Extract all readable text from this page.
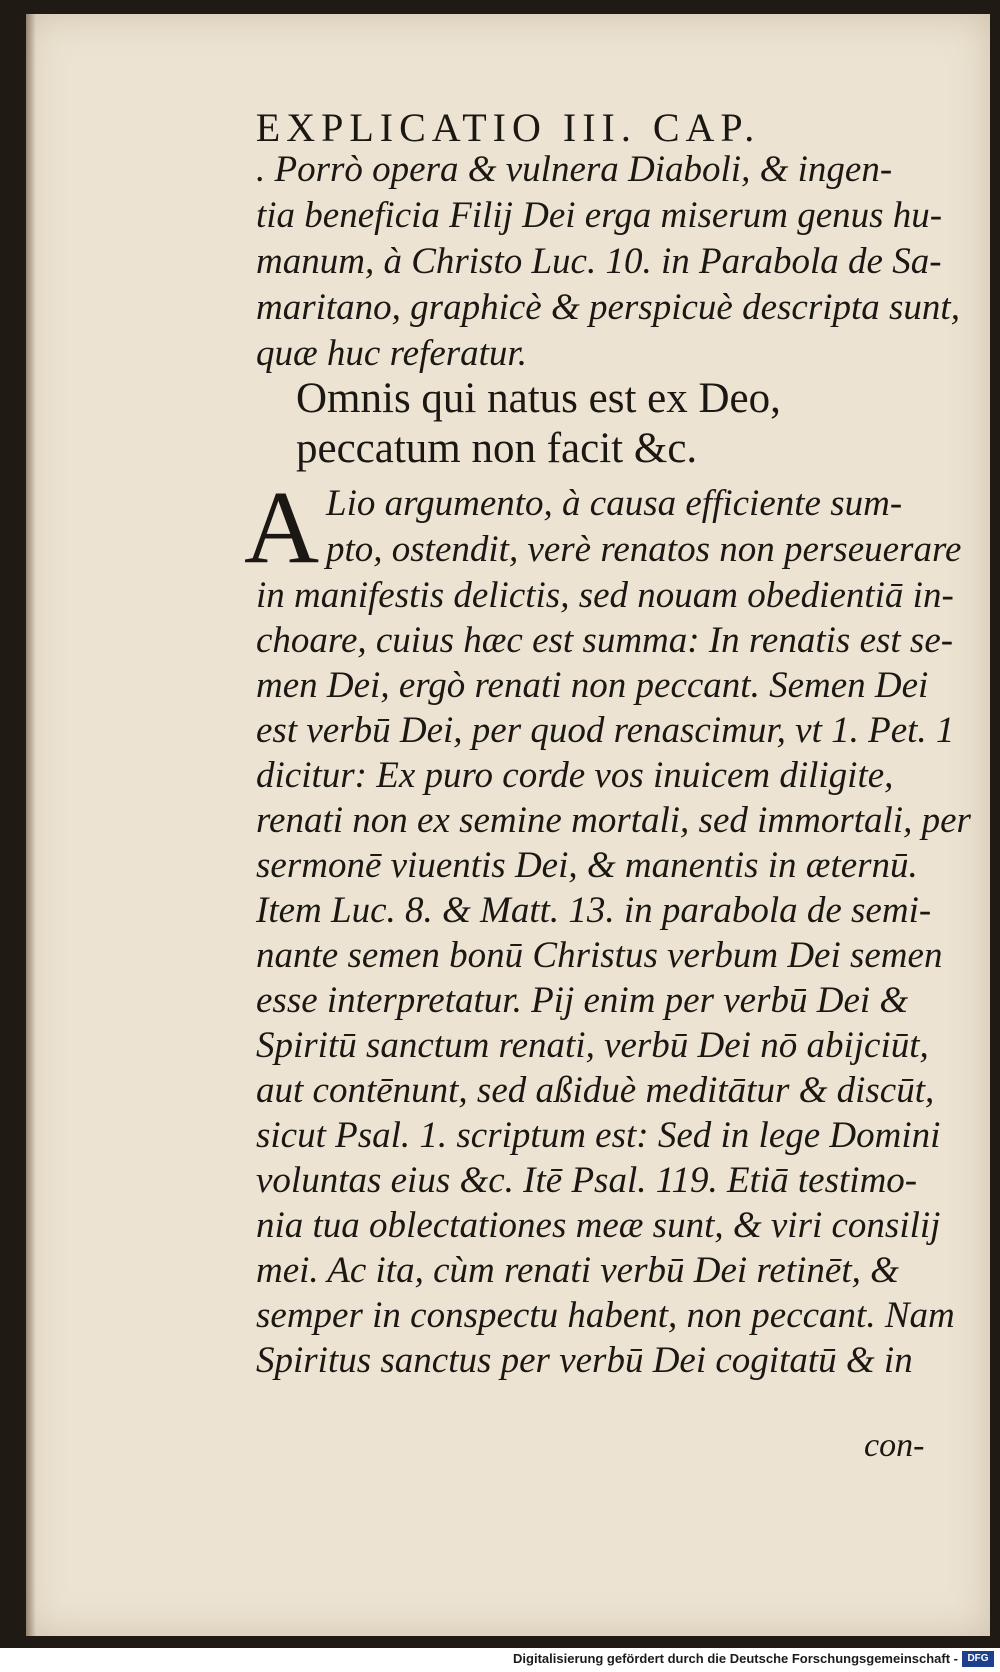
EXPLICATIO III. CAP.
. Porrò opera & vulnera Diaboli, & ingen-
tia beneficia Filij Dei erga miserum genus hu-
manum, à Christo Luc. 10. in Parabola de Sa-
maritano, graphicè & perspicuè descripta sunt,
quæ huc referatur.
Omnis qui natus est ex Deo,
peccatum non facit &c.
A Lio argumento, à causa efficiente sum-
pto, ostendit, verè renatos non perseuerare
in manifestis delictis, sed nouam obedientiā in-
choare, cuius hæc est summa: In renatis est se-
men Dei, ergò renati non peccant. Semen Dei
est verbū Dei, per quod renascimur, vt 1. Pet. 1
dicitur: Ex puro corde vos inuicem diligite,
renati non ex semine mortali, sed immortali, per
sermonē viuentis Dei, & manentis in æternū.
Item Luc. 8. & Matt. 13. in parabola de semi-
nante semen bonū Christus verbum Dei semen
esse interpretatur. Pij enim per verbū Dei &
Spiritū sanctum renati, verbū Dei nō abijciūt,
aut contēnunt, sed aßiduè meditātur & discūt,
sicut Psal. 1. scriptum est: Sed in lege Domini
voluntas eius &c. Itē Psal. 119. Etiā testimo-
nia tua oblectationes meæ sunt, & viri consilij
mei. Ac ita, cùm renati verbū Dei retinēt, &
semper in conspectu habent, non peccant. Nam
Spiritus sanctus per verbū Dei cogitatū & in
con-
Digitalisierung gefördert durch die Deutsche Forschungsgemeinschaft - DFG
